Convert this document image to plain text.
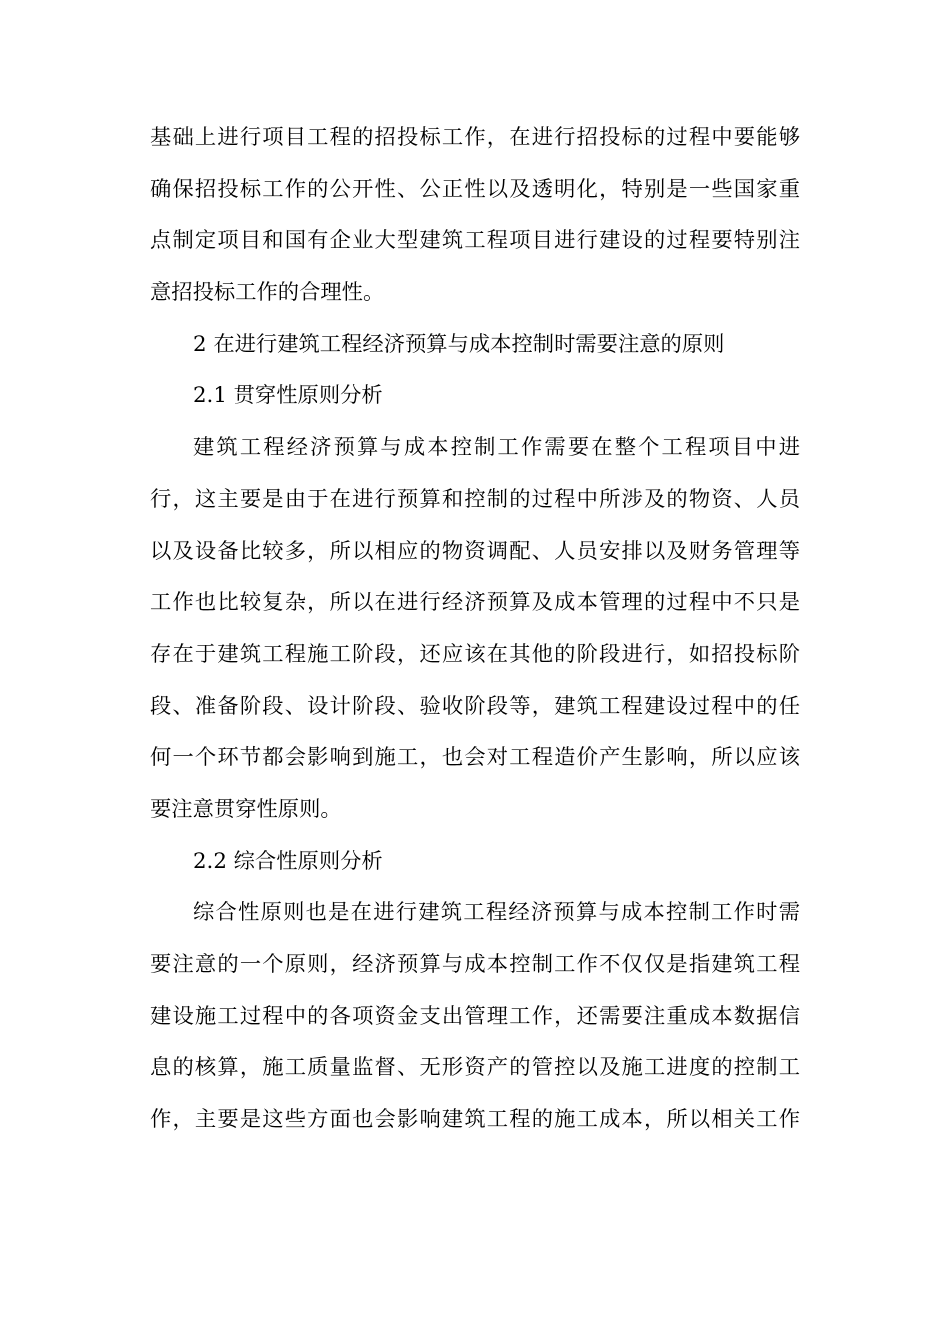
基础上进行项目工程的招投标工作，在进行招投标的过程中要能够
确保招投标工作的公开性、公正性以及透明化，特别是一些国家重
点制定项目和国有企业大型建筑工程项目进行建设的过程要特别注
意招投标工作的合理性。
2 在进行建筑工程经济预算与成本控制时需要注意的原则
2.1 贯穿性原则分析
建筑工程经济预算与成本控制工作需要在整个工程项目中进
行，这主要是由于在进行预算和控制的过程中所涉及的物资、人员
以及设备比较多，所以相应的物资调配、人员安排以及财务管理等
工作也比较复杂，所以在进行经济预算及成本管理的过程中不只是
存在于建筑工程施工阶段，还应该在其他的阶段进行，如招投标阶
段、准备阶段、设计阶段、验收阶段等，建筑工程建设过程中的任
何一个环节都会影响到施工，也会对工程造价产生影响，所以应该
要注意贯穿性原则。
2.2 综合性原则分析
综合性原则也是在进行建筑工程经济预算与成本控制工作时需
要注意的一个原则，经济预算与成本控制工作不仅仅是指建筑工程
建设施工过程中的各项资金支出管理工作，还需要注重成本数据信
息的核算，施工质量监督、无形资产的管控以及施工进度的控制工
作，主要是这些方面也会影响建筑工程的施工成本，所以相关工作
